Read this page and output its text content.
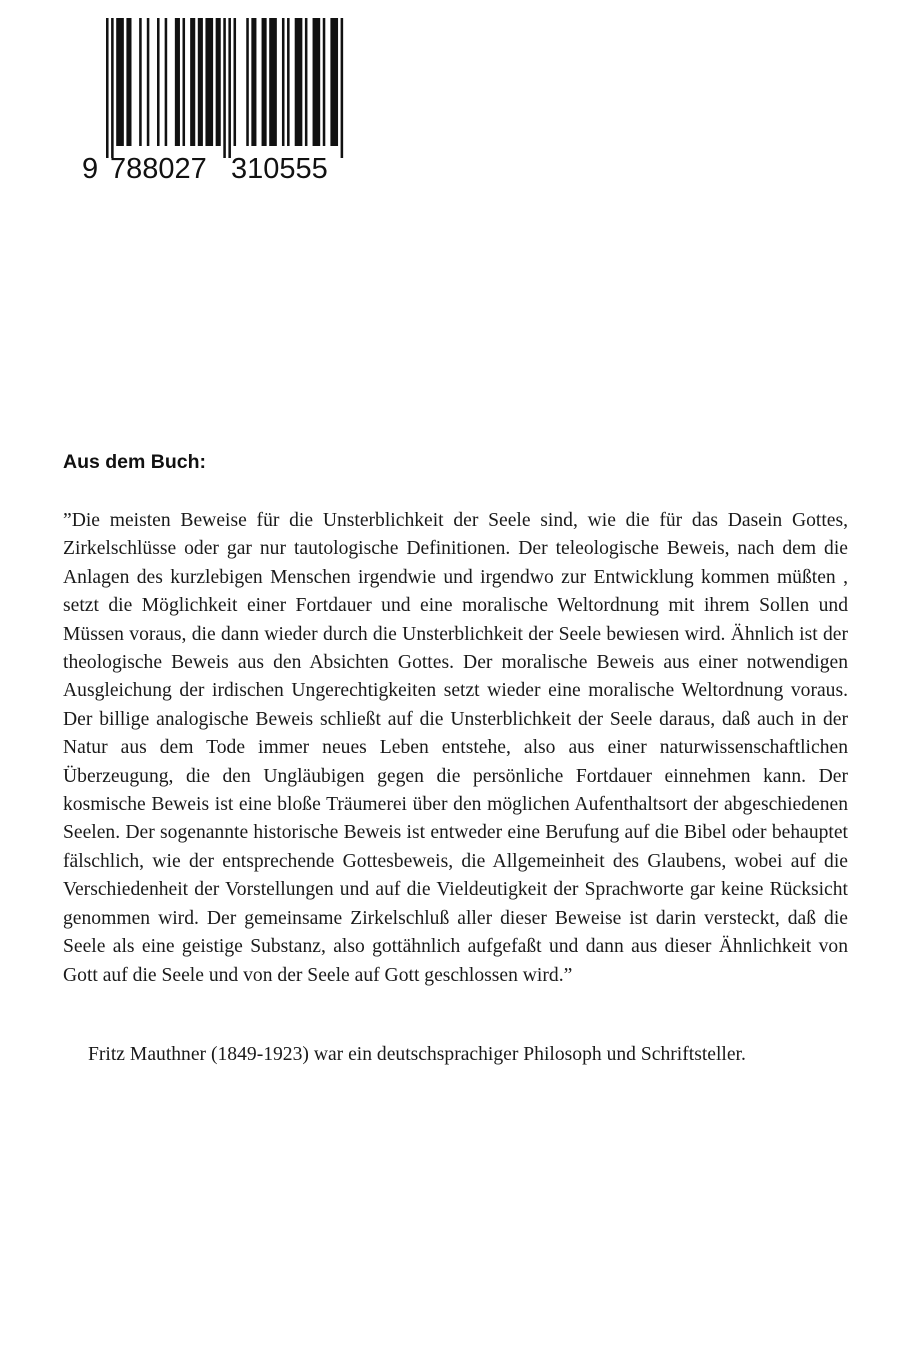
9 788027 310555
Aus dem Buch:

”Die meisten Beweise für die Unsterblichkeit der Seele sind, wie die für das Dasein Gottes, Zirkelschlüsse oder gar nur tautologische Definitionen. Der teleologische Beweis, nach dem die Anlagen des kurzlebigen Menschen irgendwie und irgendwo zur Entwicklung kommen müßten , setzt die Möglichkeit einer Fortdauer und eine moralische Weltordnung mit ihrem Sollen und Müssen voraus, die dann wieder durch die Unsterblichkeit der Seele bewiesen wird. Ähnlich ist der theologische Beweis aus den Absichten Gottes. Der moralische Beweis aus einer notwendigen Ausgleichung der irdischen Ungerechtigkeiten setzt wieder eine moralische Weltordnung voraus. Der billige analogische Beweis schließt auf die Unsterblichkeit der Seele daraus, daß auch in der Natur aus dem Tode immer neues Leben entstehe, also aus einer naturwissenschaftlichen Überzeugung, die den Ungläubigen gegen die persönliche Fortdauer einnehmen kann. Der kosmische Beweis ist eine bloße Träumerei über den möglichen Aufenthaltsort der abgeschiedenen Seelen. Der sogenannte historische Beweis ist entweder eine Berufung auf die Bibel oder behauptet fälschlich, wie der entsprechende Gottesbeweis, die Allgemeinheit des Glaubens, wobei auf die Verschiedenheit der Vorstellungen und auf die Vieldeutigkeit der Sprachworte gar keine Rücksicht genommen wird. Der gemeinsame Zirkelschluß aller dieser Beweise ist darin versteckt, daß die Seele als eine geistige Substanz, also gottähnlich aufgefaßt und dann aus dieser Ähnlichkeit von Gott auf die Seele und von der Seele auf Gott geschlossen wird.”

Fritz Mauthner (1849-1923) war ein deutschsprachiger Philosoph und Schriftsteller.
